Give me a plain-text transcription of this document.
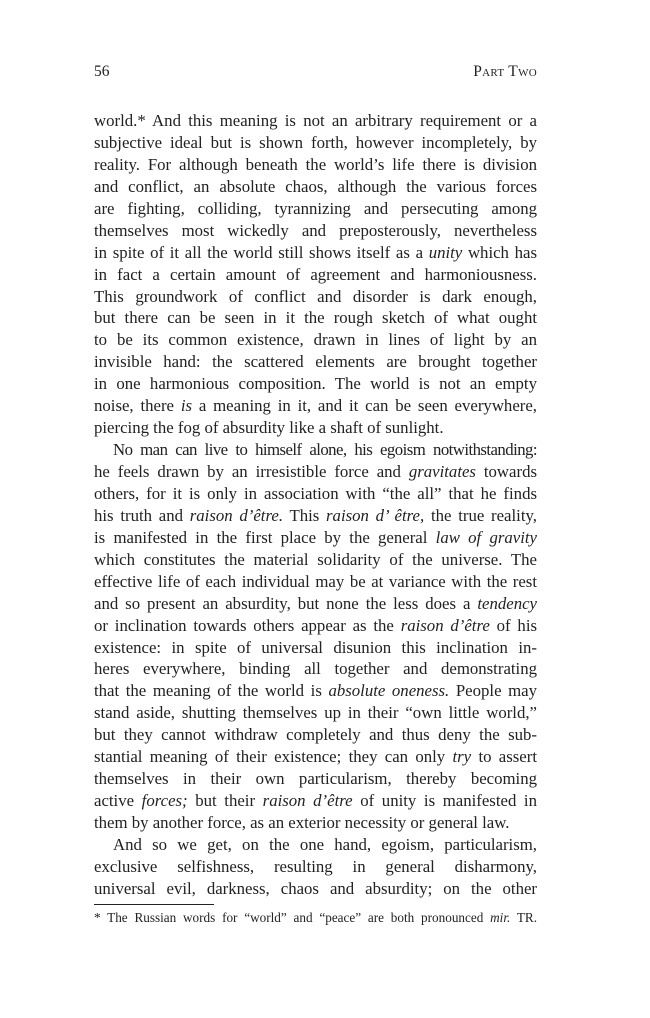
56	Part Two
world.* And this meaning is not an arbitrary requirement or a
subjective ideal but is shown forth, however incompletely, by
reality. For although beneath the world’s life there is division
and conflict, an absolute chaos, although the various forces
are fighting, colliding, tyrannizing and persecuting among
themselves most wickedly and preposterously, nevertheless
in spite of it all the world still shows itself as a unity which has
in fact a certain amount of agreement and harmoniousness.
This groundwork of conflict and disorder is dark enough,
but there can be seen in it the rough sketch of what ought
to be its common existence, drawn in lines of light by an
invisible hand: the scattered elements are brought together
in one harmonious composition. The world is not an empty
noise, there is a meaning in it, and it can be seen everywhere,
piercing the fog of absurdity like a shaft of sunlight.
No man can live to himself alone, his egoism notwithstanding:
he feels drawn by an irresistible force and gravitates towards
others, for it is only in association with “the all” that he finds
his truth and raison d’être. This raison d’ être, the true reality,
is manifested in the first place by the general law of gravity
which constitutes the material solidarity of the universe. The
effective life of each individual may be at variance with the rest
and so present an absurdity, but none the less does a tendency
or inclination towards others appear as the raison d’être of his
existence: in spite of universal disunion this inclination in-
heres everywhere, binding all together and demonstrating
that the meaning of the world is absolute oneness. People may
stand aside, shutting themselves up in their “own little world,”
but they cannot withdraw completely and thus deny the sub-
stantial meaning of their existence; they can only try to assert
themselves in their own particularism, thereby becoming
active forces; but their raison d’être of unity is manifested in
them by another force, as an exterior necessity or general law.
And so we get, on the one hand, egoism, particularism,
exclusive selfishness, resulting in general disharmony,
universal evil, darkness, chaos and absurdity; on the other
* The Russian words for “world” and “peace” are both pronounced mir. TR.
